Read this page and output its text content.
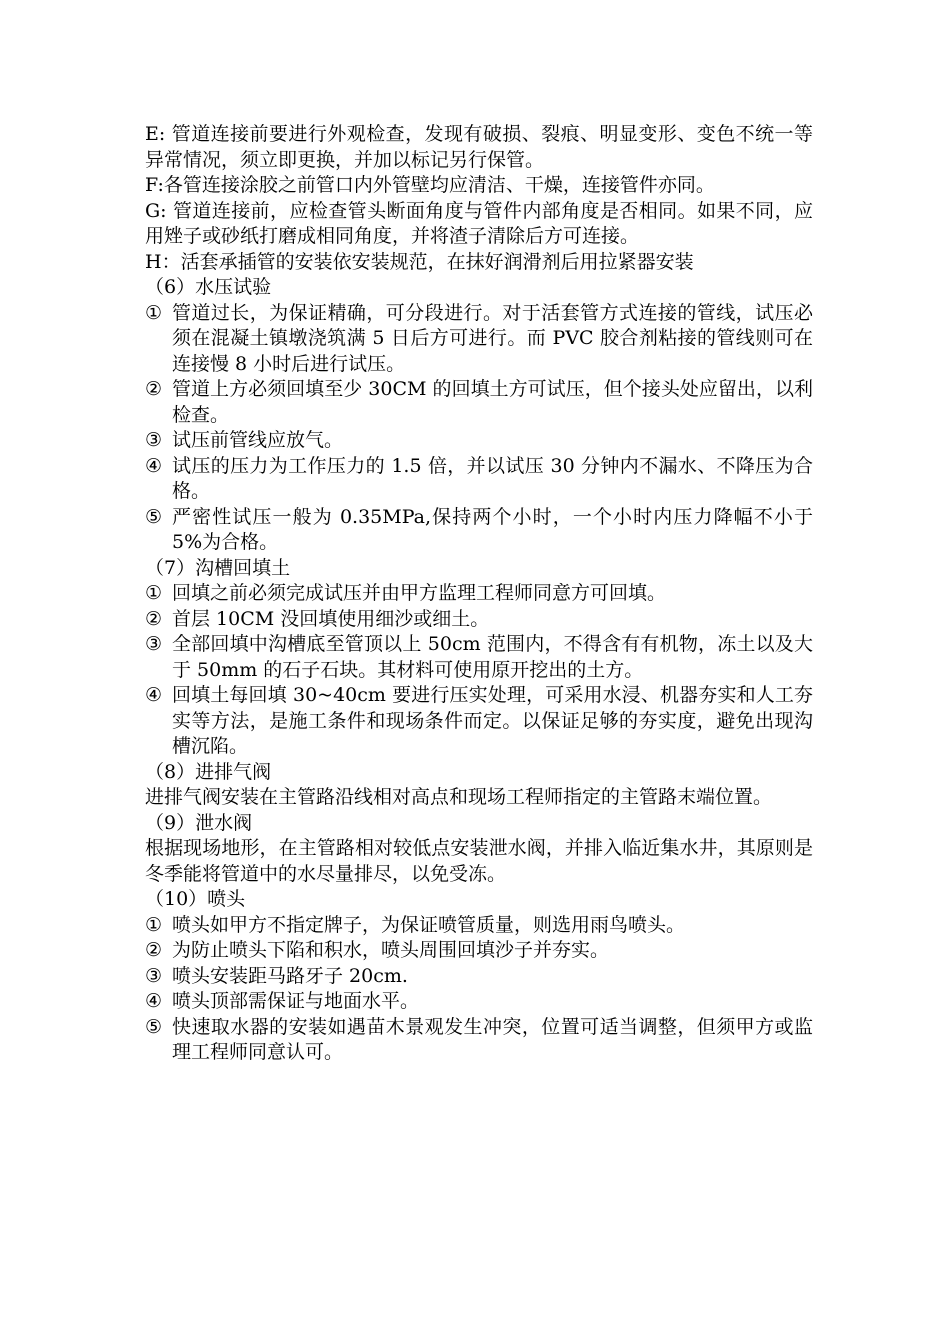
E: 管道连接前要进行外观检查，发现有破损、裂痕、明显变形、变色不统一等异常情况，须立即更换，并加以标记另行保管。

F:各管连接涂胶之前管口内外管壁均应清洁、干燥，连接管件亦同。

G: 管道连接前，应检查管头断面角度与管件内部角度是否相同。如果不同，应用矬子或砂纸打磨成相同角度，并将渣子清除后方可连接。

H：活套承插管的安装依安装规范，在抹好润滑剂后用拉紧器安装

（6）水压试验

① 管道过长，为保证精确，可分段进行。对于活套管方式连接的管线，试压必须在混凝土镇墩浇筑满 5 日后方可进行。而 PVC 胶合剂粘接的管线则可在连接慢 8 小时后进行试压。
② 管道上方必须回填至少 30CM 的回填土方可试压，但个接头处应留出，以利检查。
③ 试压前管线应放气。
④ 试压的压力为工作压力的 1.5 倍，并以试压 30 分钟内不漏水、不降压为合格。
⑤ 严密性试压一般为 0.35MPa,保持两个小时，一个小时内压力降幅不小于 5%为合格。

（7）沟槽回填土

① 回填之前必须完成试压并由甲方监理工程师同意方可回填。
② 首层 10CM 没回填使用细沙或细土。
③ 全部回填中沟槽底至管顶以上 50cm 范围内，不得含有有机物，冻土以及大于 50mm 的石子石块。其材料可使用原开挖出的土方。
④ 回填土每回填 30~40cm 要进行压实处理，可采用水浸、机器夯实和人工夯实等方法，是施工条件和现场条件而定。以保证足够的夯实度，避免出现沟槽沉陷。

（8）进排气阀

进排气阀安装在主管路沿线相对高点和现场工程师指定的主管路末端位置。

（9）泄水阀

根据现场地形，在主管路相对较低点安装泄水阀，并排入临近集水井，其原则是冬季能将管道中的水尽量排尽，以免受冻。

（10）喷头

① 喷头如甲方不指定牌子，为保证喷管质量，则选用雨鸟喷头。
② 为防止喷头下陷和积水，喷头周围回填沙子并夯实。
③ 喷头安装距马路牙子 20cm.
④ 喷头顶部需保证与地面水平。
⑤ 快速取水器的安装如遇苗木景观发生冲突，位置可适当调整，但须甲方或监理工程师同意认可。
